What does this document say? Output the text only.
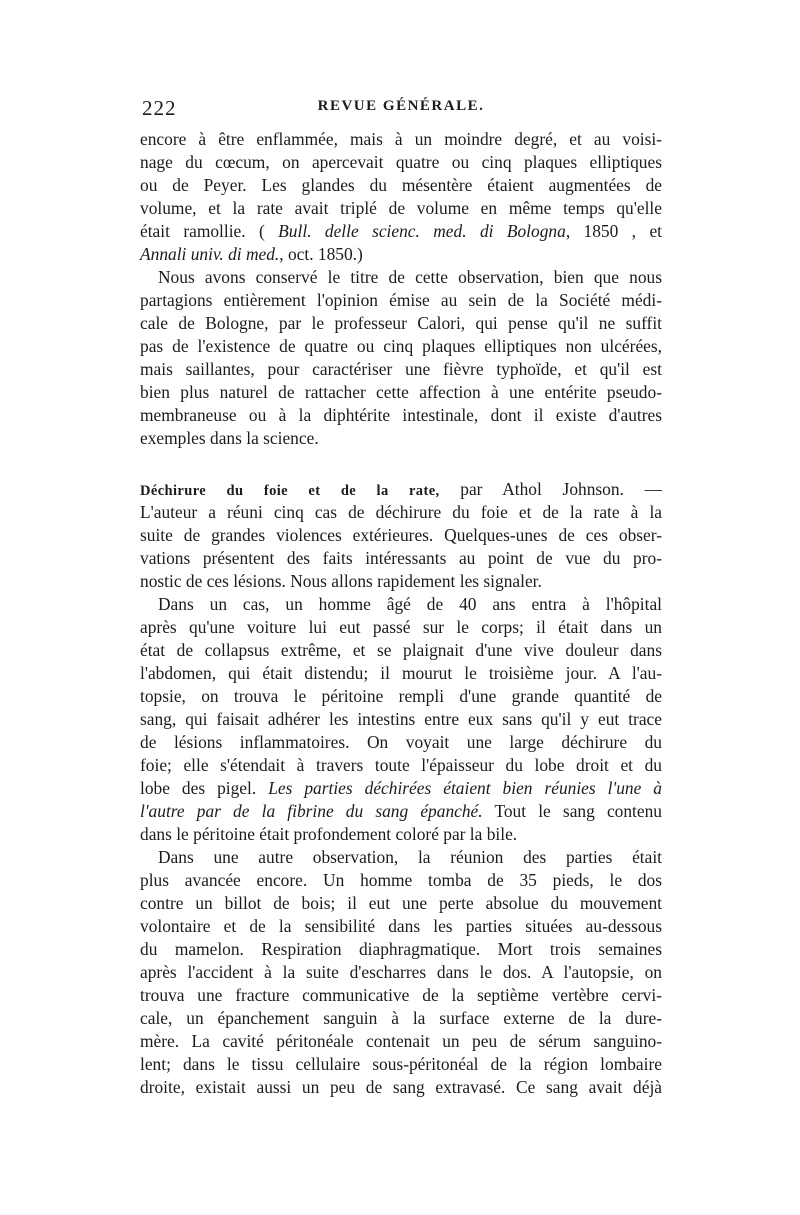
222	REVUE GÉNÉRALE.
encore à être enflammée, mais à un moindre degré, et au voisi-
nage du cœcum, on apercevait quatre ou cinq plaques elliptiques
ou de Peyer. Les glandes du mésentère étaient augmentées de
volume, et la rate avait triplé de volume en même temps qu'elle
était ramollie. ( Bull. delle scienc. med. di Bologna, 1850 , et
Annali univ. di med., oct. 1850.)
Nous avons conservé le titre de cette observation, bien que nous
partagions entièrement l'opinion émise au sein de la Société médi-
cale de Bologne, par le professeur Calori, qui pense qu'il ne suffit
pas de l'existence de quatre ou cinq plaques elliptiques non ulcérées,
mais saillantes, pour caractériser une fièvre typhoïde, et qu'il est
bien plus naturel de rattacher cette affection à une entérite pseudo-
membraneuse ou à la diphtérite intestinale, dont il existe d'autres
exemples dans la science.
Déchirure du foie et de la rate, par Athol Johnson. —
L'auteur a réuni cinq cas de déchirure du foie et de la rate à la
suite de grandes violences extérieures. Quelques-unes de ces obser-
vations présentent des faits intéressants au point de vue du pro-
nostic de ces lésions. Nous allons rapidement les signaler.
Dans un cas, un homme âgé de 40 ans entra à l'hôpital
après qu'une voiture lui eut passé sur le corps; il était dans un
état de collapsus extrême, et se plaignait d'une vive douleur dans
l'abdomen, qui était distendu; il mourut le troisième jour. A l'au-
topsie, on trouva le péritoine rempli d'une grande quantité de
sang, qui faisait adhérer les intestins entre eux sans qu'il y eut trace
de lésions inflammatoires. On voyait une large déchirure du
foie; elle s'étendait à travers toute l'épaisseur du lobe droit et du
lobe des pigel. Les parties déchirées étaient bien réunies l'une à
l'autre par de la fibrine du sang épanché. Tout le sang contenu
dans le péritoine était profondement coloré par la bile.
Dans une autre observation, la réunion des parties était
plus avancée encore. Un homme tomba de 35 pieds, le dos
contre un billot de bois; il eut une perte absolue du mouvement
volontaire et de la sensibilité dans les parties situées au-dessous
du mamelon. Respiration diaphragmatique. Mort trois semaines
après l'accident à la suite d'escharres dans le dos. A l'autopsie, on
trouva une fracture communicative de la septième vertèbre cervi-
cale, un épanchement sanguin à la surface externe de la dure-
mère. La cavité péritonéale contenait un peu de sérum sanguino-
lent; dans le tissu cellulaire sous-péritonéal de la région lombaire
droite, existait aussi un peu de sang extravasé. Ce sang avait déjà
